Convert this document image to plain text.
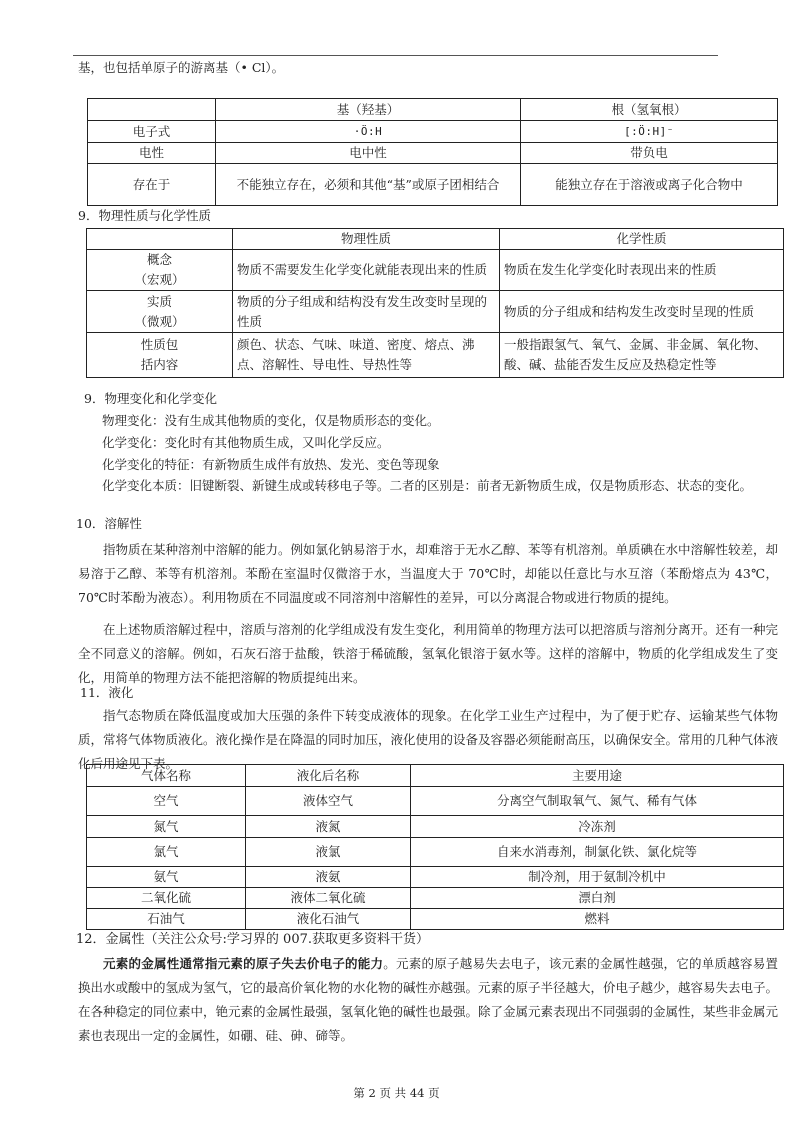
基，也包括单原子的游离基（• Cl）。
	基（羟基）	根（氢氧根）
电子式	·Ö:H	[:Ö:H]⁻
电性	电中性	带负电
存在于	不能独立存在，必须和其他“基”或原子团相结合	能独立存在于溶液或离子化合物中
9．物理性质与化学性质
	物理性质	化学性质

概念
（宏观）	物质不需要发生化学变化就能表现出来的性质	物质在发生化学变化时表现出来的性质

实质
（微观）	物质的分子组成和结构没有发生改变时呈现的性质	物质的分子组成和结构发生改变时呈现的性质

性质包
括内容	颜色、状态、气味、味道、密度、熔点、沸点、溶解性、导电性、导热性等	一般指跟氢气、氧气、金属、非金属、氧化物、酸、碱、盐能否发生反应及热稳定性等
9．物理变化和化学变化
物理变化：没有生成其他物质的变化，仅是物质形态的变化。
化学变化：变化时有其他物质生成，又叫化学反应。
化学变化的特征：有新物质生成伴有放热、发光、变色等现象
化学变化本质：旧键断裂、新键生成或转移电子等。二者的区别是：前者无新物质生成，仅是物质形态、状态的变化。
10．溶解性
指物质在某种溶剂中溶解的能力。例如氯化钠易溶于水，却难溶于无水乙醇、苯等有机溶剂。单质碘在水中溶解性较差，却易溶于乙醇、苯等有机溶剂。苯酚在室温时仅微溶于水，当温度大于 70℃时，却能以任意比与水互溶（苯酚熔点为 43℃，70℃时苯酚为液态）。利用物质在不同温度或不同溶剂中溶解性的差异，可以分离混合物或进行物质的提纯。
在上述物质溶解过程中，溶质与溶剂的化学组成没有发生变化，利用简单的物理方法可以把溶质与溶剂分离开。还有一种完全不同意义的溶解。例如，石灰石溶于盐酸，铁溶于稀硫酸，氢氧化银溶于氨水等。这样的溶解中，物质的化学组成发生了变化，用简单的物理方法不能把溶解的物质提纯出来。
11．液化
指气态物质在降低温度或加大压强的条件下转变成液体的现象。在化学工业生产过程中，为了便于贮存、运输某些气体物质，常将气体物质液化。液化操作是在降温的同时加压，液化使用的设备及容器必须能耐高压，以确保安全。常用的几种气体液化后用途见下表。
气体名称	液化后名称	主要用途
空气	液体空气	分离空气制取氧气、氮气、稀有气体
氮气	液氮	冷冻剂
氯气	液氯	自来水消毒剂，制氯化铁、氯化烷等
氨气	液氨	制冷剂，用于氨制冷机中
二氧化硫	液体二氧化硫	漂白剂
石油气	液化石油气	燃料
12．金属性（关注公众号:学习界的 007.获取更多资料干货）
元素的金属性通常指元素的原子失去价电子的能力。元素的原子越易失去电子，该元素的金属性越强，它的单质越容易置换出水或酸中的氢成为氢气，它的最高价氧化物的水化物的碱性亦越强。元素的原子半径越大，价电子越少，越容易失去电子。在各种稳定的同位素中，铯元素的金属性最强，氢氧化铯的碱性也最强。除了金属元素表现出不同强弱的金属性，某些非金属元素也表现出一定的金属性，如硼、硅、砷、碲等。
第 2 页 共 44 页
